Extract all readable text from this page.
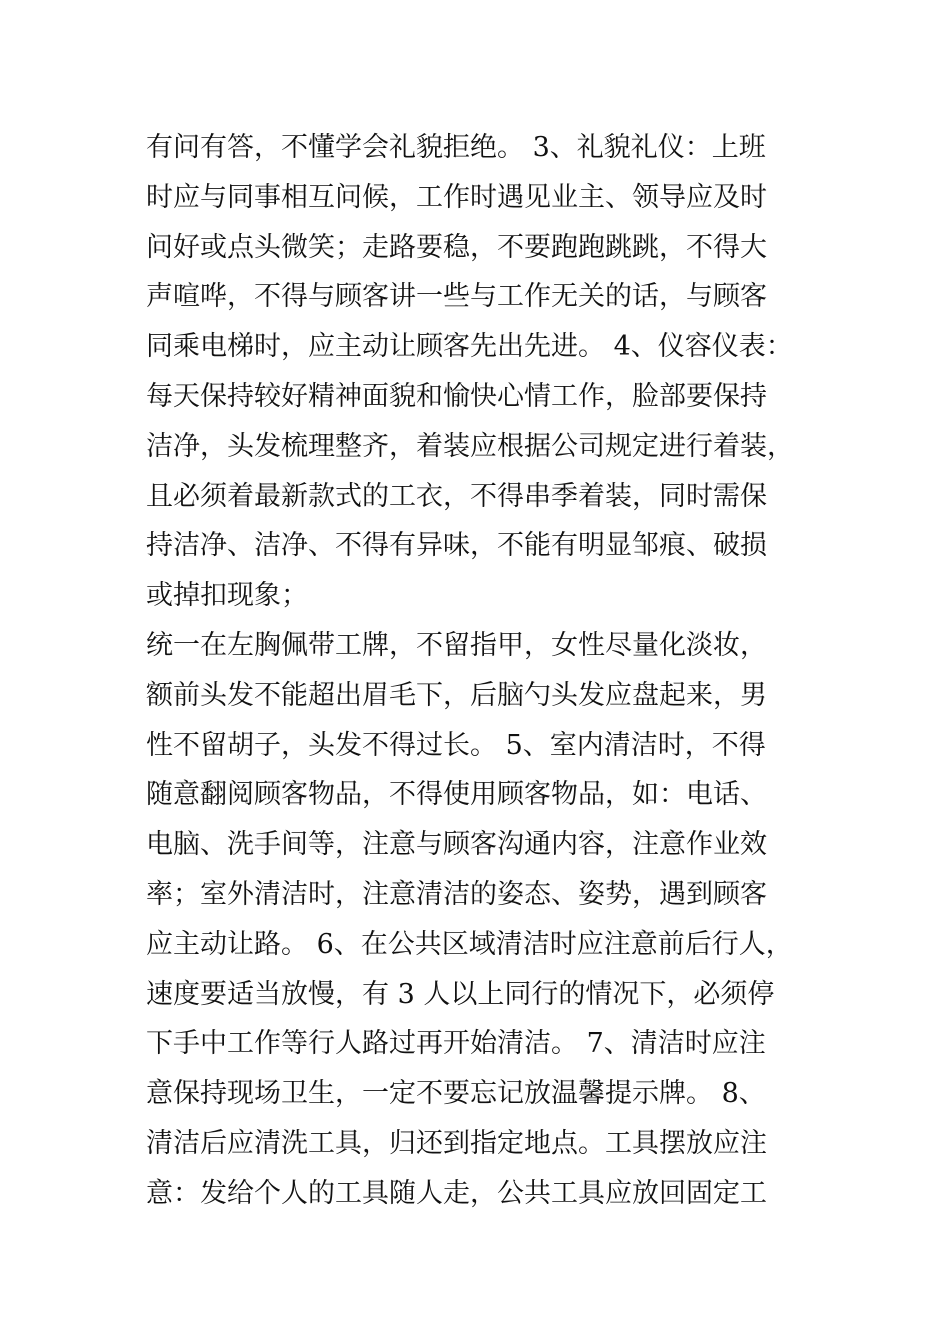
有问有答，不懂学会礼貌拒绝。 3、礼貌礼仪：上班
时应与同事相互问候，工作时遇见业主、领导应及时
问好或点头微笑；走路要稳，不要跑跑跳跳，不得大
声喧哗，不得与顾客讲一些与工作无关的话，与顾客
同乘电梯时，应主动让顾客先出先进。 4、仪容仪表：
每天保持较好精神面貌和愉快心情工作，脸部要保持
洁净，头发梳理整齐，着装应根据公司规定进行着装，
且必须着最新款式的工衣，不得串季着装，同时需保
持洁净、洁净、不得有异味，不能有明显邹痕、破损
或掉扣现象；
统一在左胸佩带工牌，不留指甲，女性尽量化淡妆，
额前头发不能超出眉毛下，后脑勺头发应盘起来，男
性不留胡子，头发不得过长。 5、室内清洁时，不得
随意翻阅顾客物品，不得使用顾客物品，如：电话、
电脑、洗手间等，注意与顾客沟通内容，注意作业效
率；室外清洁时，注意清洁的姿态、姿势，遇到顾客
应主动让路。 6、在公共区域清洁时应注意前后行人，
速度要适当放慢，有 3 人以上同行的情况下，必须停
下手中工作等行人路过再开始清洁。 7、清洁时应注
意保持现场卫生，一定不要忘记放温馨提示牌。 8、
清洁后应清洗工具，归还到指定地点。工具摆放应注
意：发给个人的工具随人走，公共工具应放回固定工
